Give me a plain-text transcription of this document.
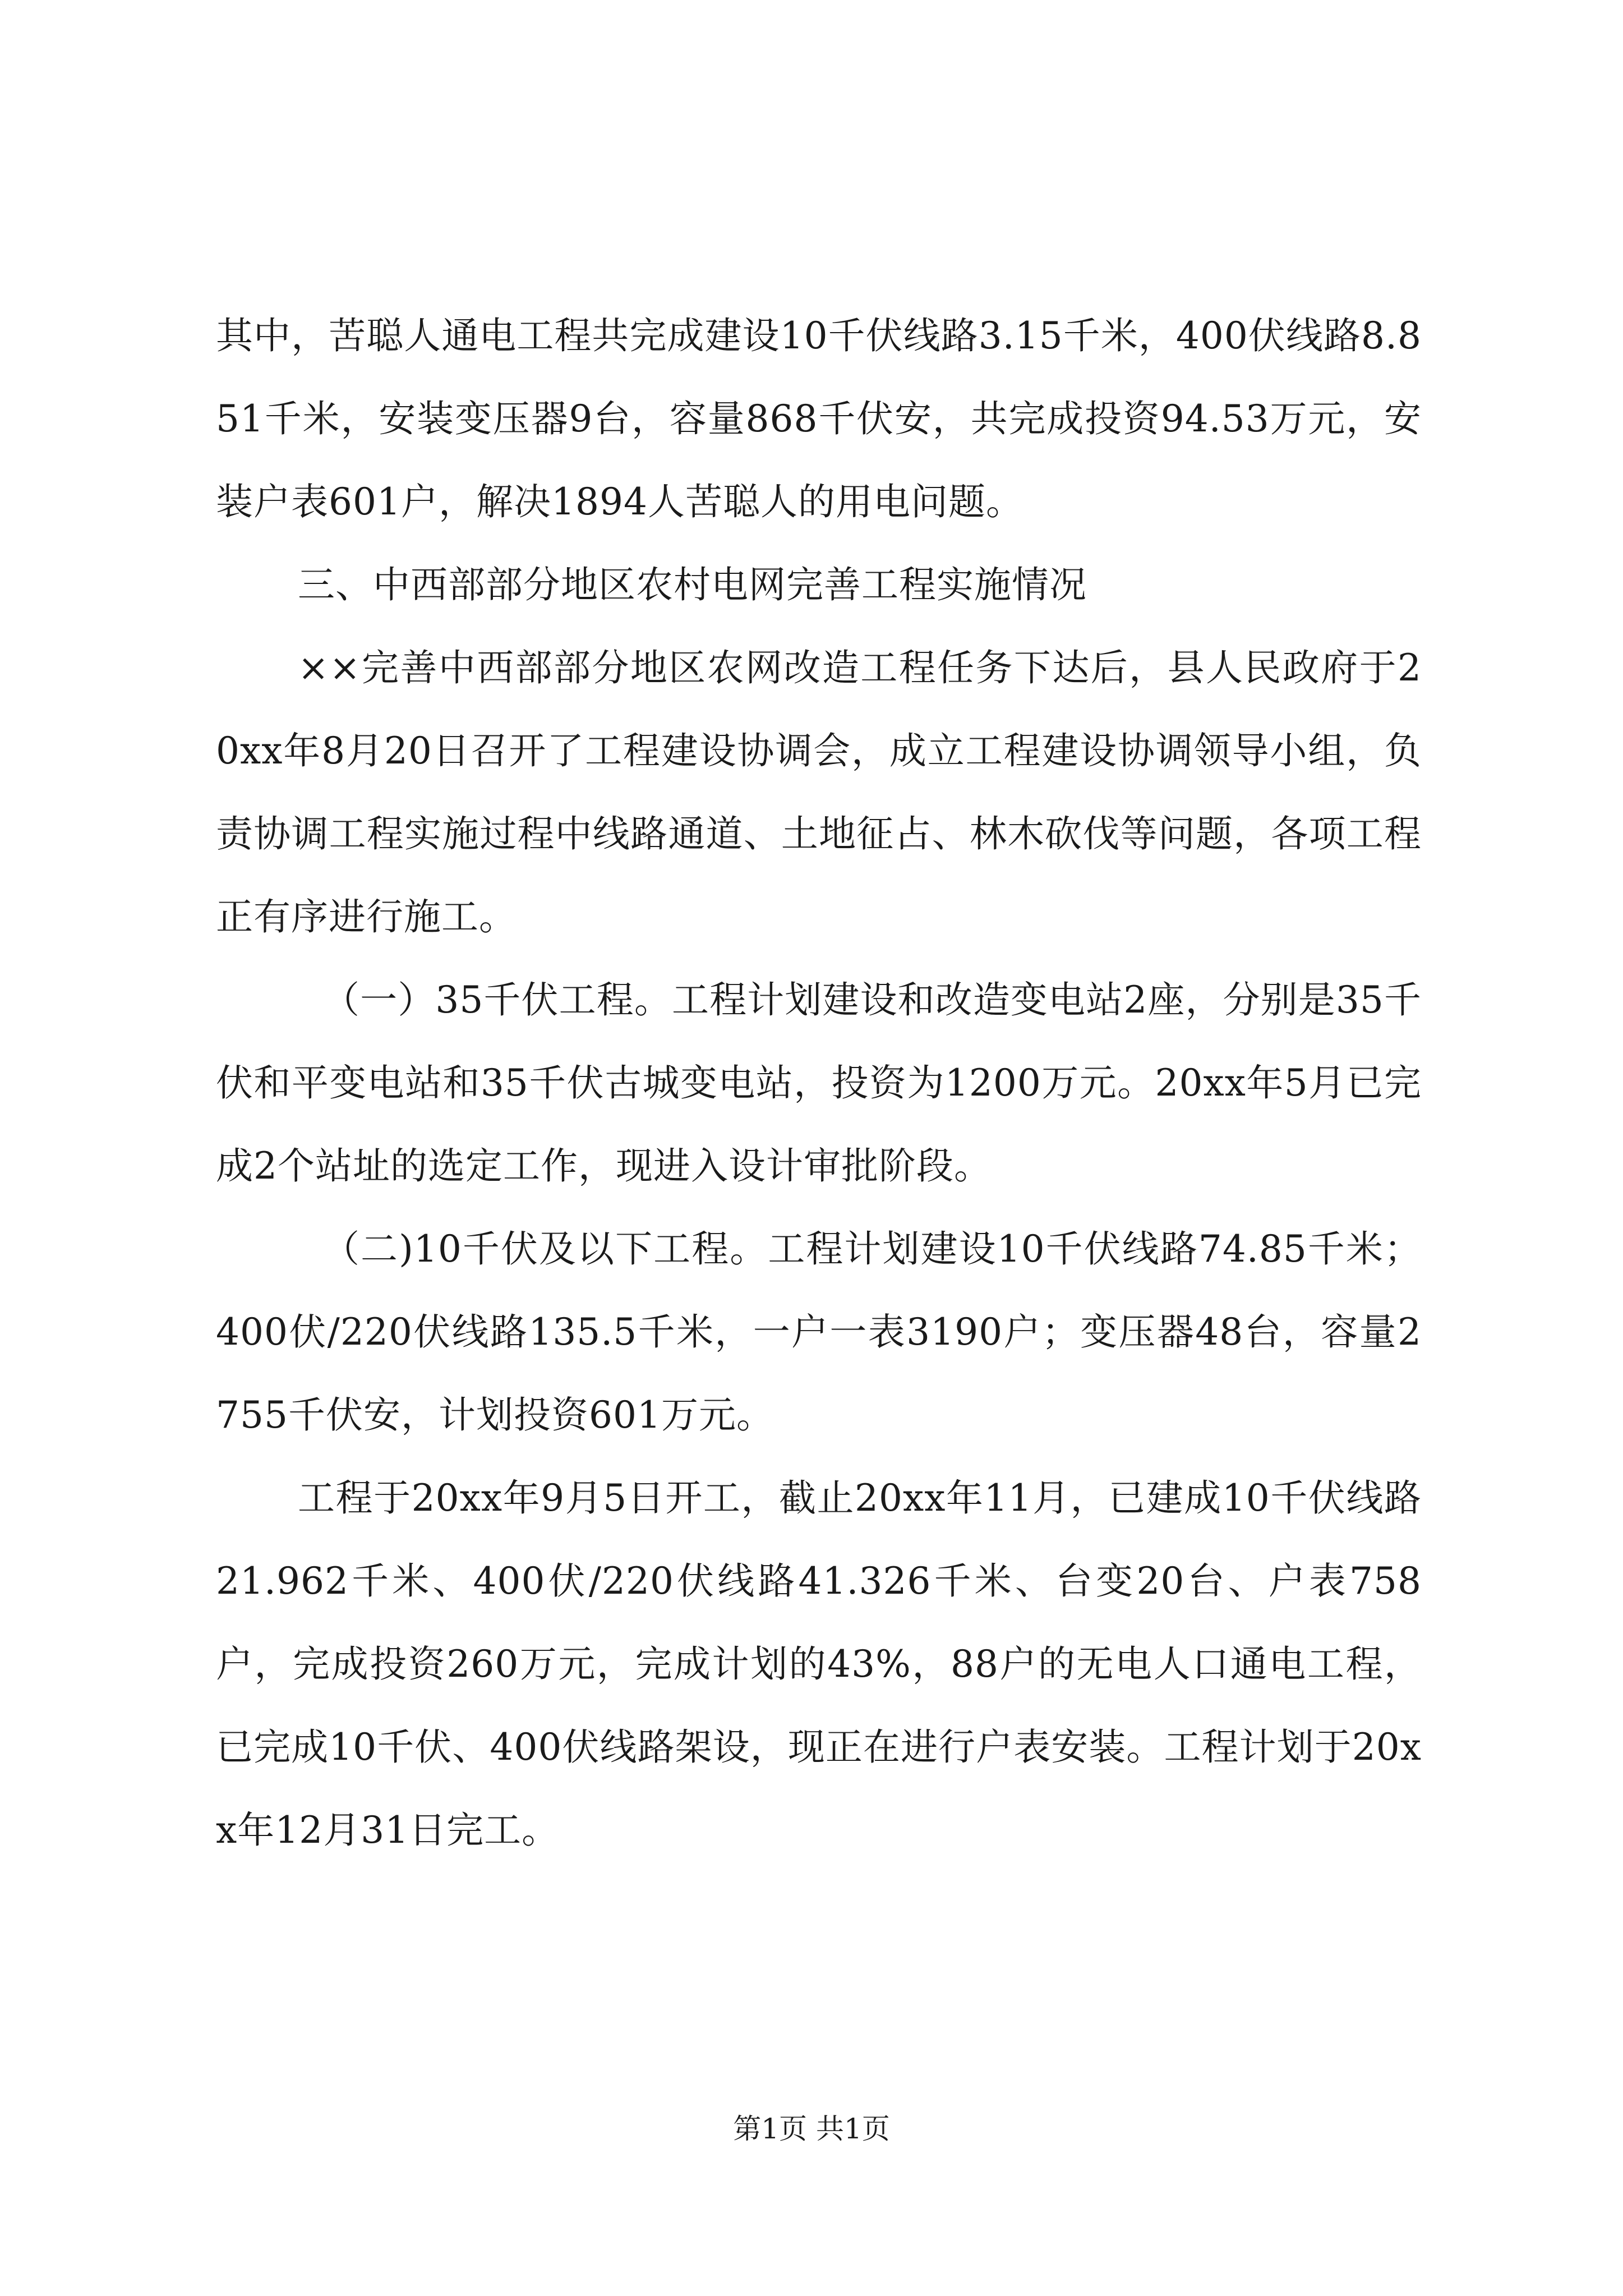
其中，苦聪人通电工程共完成建设10千伏线路3.15千米，400伏线路8.851千米，安装变压器9台，容量868千伏安，共完成投资94.53万元，安装户表601户，解决1894人苦聪人的用电问题。

三、中西部部分地区农村电网完善工程实施情况

××完善中西部部分地区农网改造工程任务下达后，县人民政府于20xx年8月20日召开了工程建设协调会，成立工程建设协调领导小组，负责协调工程实施过程中线路通道、土地征占、林木砍伐等问题，各项工程正有序进行施工。

（一）35千伏工程。工程计划建设和改造变电站2座，分别是35千伏和平变电站和35千伏古城变电站，投资为1200万元。20xx年5月已完成2个站址的选定工作，现进入设计审批阶段。

（二)10千伏及以下工程。工程计划建设10千伏线路74.85千米；400伏/220伏线路135.5千米，一户一表3190户；变压器48台，容量2755千伏安，计划投资601万元。

工程于20xx年9月5日开工，截止20xx年11月，已建成10千伏线路21.962千米、400伏/220伏线路41.326千米、台变20台、户表758户，完成投资260万元，完成计划的43%，88户的无电人口通电工程，已完成10千伏、400伏线路架设，现正在进行户表安装。工程计划于20xx年12月31日完工。

第1页 共1页
